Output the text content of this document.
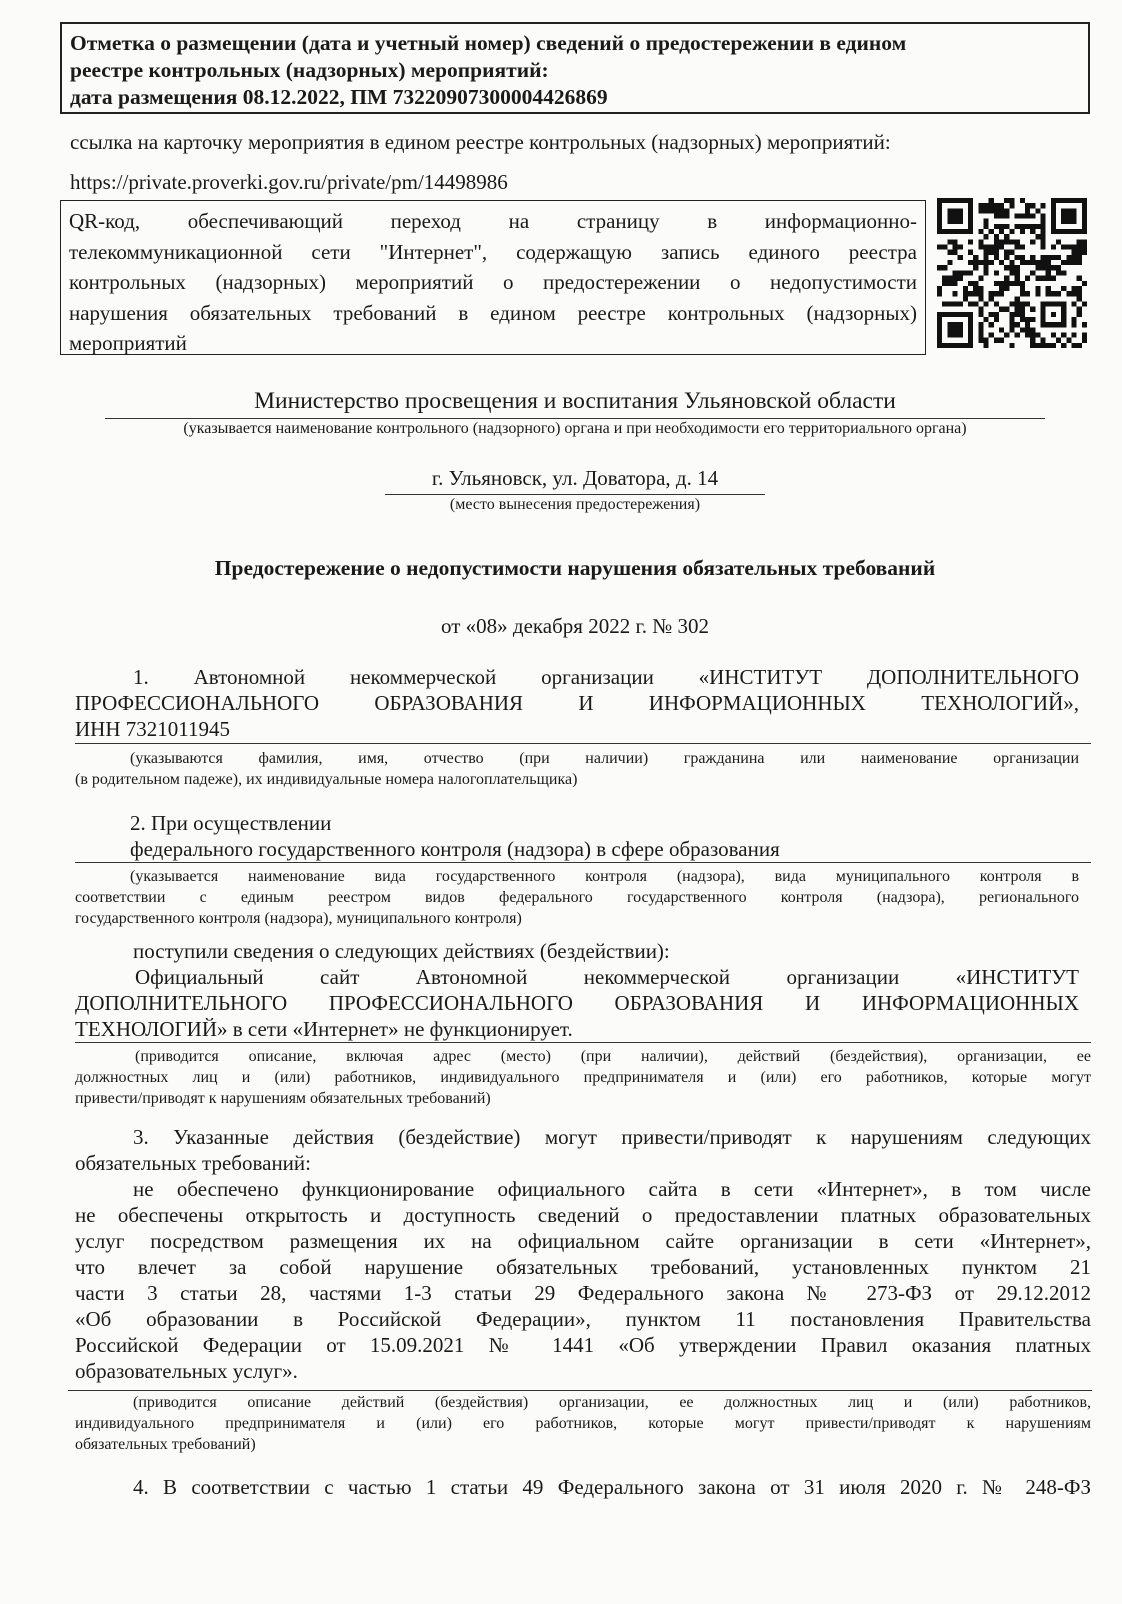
Отметка о размещении (дата и учетный номер) сведений о предостережении в едином
реестре контрольных (надзорных) мероприятий:
дата размещения 08.12.2022, ПМ 73220907300004426869
ссылка на карточку мероприятия в едином реестре контрольных (надзорных) мероприятий:
https://private.proverki.gov.ru/private/pm/14498986
QR-код, обеспечивающий переход на страницу в информационно-
телекоммуникационной сети "Интернет", содержащую запись единого реестра
контрольных (надзорных) мероприятий о предостережении о недопустимости
нарушения обязательных требований в едином реестре контрольных (надзорных)
мероприятий
Министерство просвещения и воспитания Ульяновской области
(указывается наименование контрольного (надзорного) органа и при необходимости его территориального органа)
г. Ульяновск, ул. Доватора, д. 14
(место вынесения предостережения)
Предостережение о недопустимости нарушения обязательных требований
от «08» декабря 2022 г. № 302
1. Автономной некоммерческой организации «ИНСТИТУТ ДОПОЛНИТЕЛЬНОГО
ПРОФЕССИОНАЛЬНОГО ОБРАЗОВАНИЯ И ИНФОРМАЦИОННЫХ ТЕХНОЛОГИЙ»,
ИНН 7321011945
(указываются фамилия, имя, отчество (при наличии) гражданина или наименование организации
(в родительном падеже), их индивидуальные номера налогоплательщика)
2. При осуществлении
федерального государственного контроля (надзора) в сфере образования
(указывается наименование вида государственного контроля (надзора), вида муниципального контроля в
соответствии с единым реестром видов федерального государственного контроля (надзора), регионального
государственного контроля (надзора), муниципального контроля)
поступили сведения о следующих действиях (бездействии):
Официальный сайт Автономной некоммерческой организации «ИНСТИТУТ
ДОПОЛНИТЕЛЬНОГО ПРОФЕССИОНАЛЬНОГО ОБРАЗОВАНИЯ И ИНФОРМАЦИОННЫХ
ТЕХНОЛОГИЙ» в сети «Интернет» не функционирует.
(приводится описание, включая адрес (место) (при наличии), действий (бездействия), организации, ее
должностных лиц и (или) работников, индивидуального предпринимателя и (или) его работников, которые могут
привести/приводят к нарушениям обязательных требований)
3. Указанные действия (бездействие) могут привести/приводят к нарушениям следующих
обязательных требований:
не обеспечено функционирование официального сайта в сети «Интернет», в том числе
не обеспечены открытость и доступность сведений о предоставлении платных образовательных
услуг посредством размещения их на официальном сайте организации в сети «Интернет»,
что влечет за собой нарушение обязательных требований, установленных пунктом 21
части 3 статьи 28, частями 1-3 статьи 29 Федерального закона № 273-ФЗ от 29.12.2012
«Об образовании в Российской Федерации», пунктом 11 постановления Правительства
Российской Федерации от 15.09.2021 № 1441 «Об утверждении Правил оказания платных
образовательных услуг».
(приводится описание действий (бездействия) организации, ее должностных лиц и (или) работников,
индивидуального предпринимателя и (или) его работников, которые могут привести/приводят к нарушениям
обязательных требований)
4. В соответствии с частью 1 статьи 49 Федерального закона от 31 июля 2020 г. № 248-ФЗ
